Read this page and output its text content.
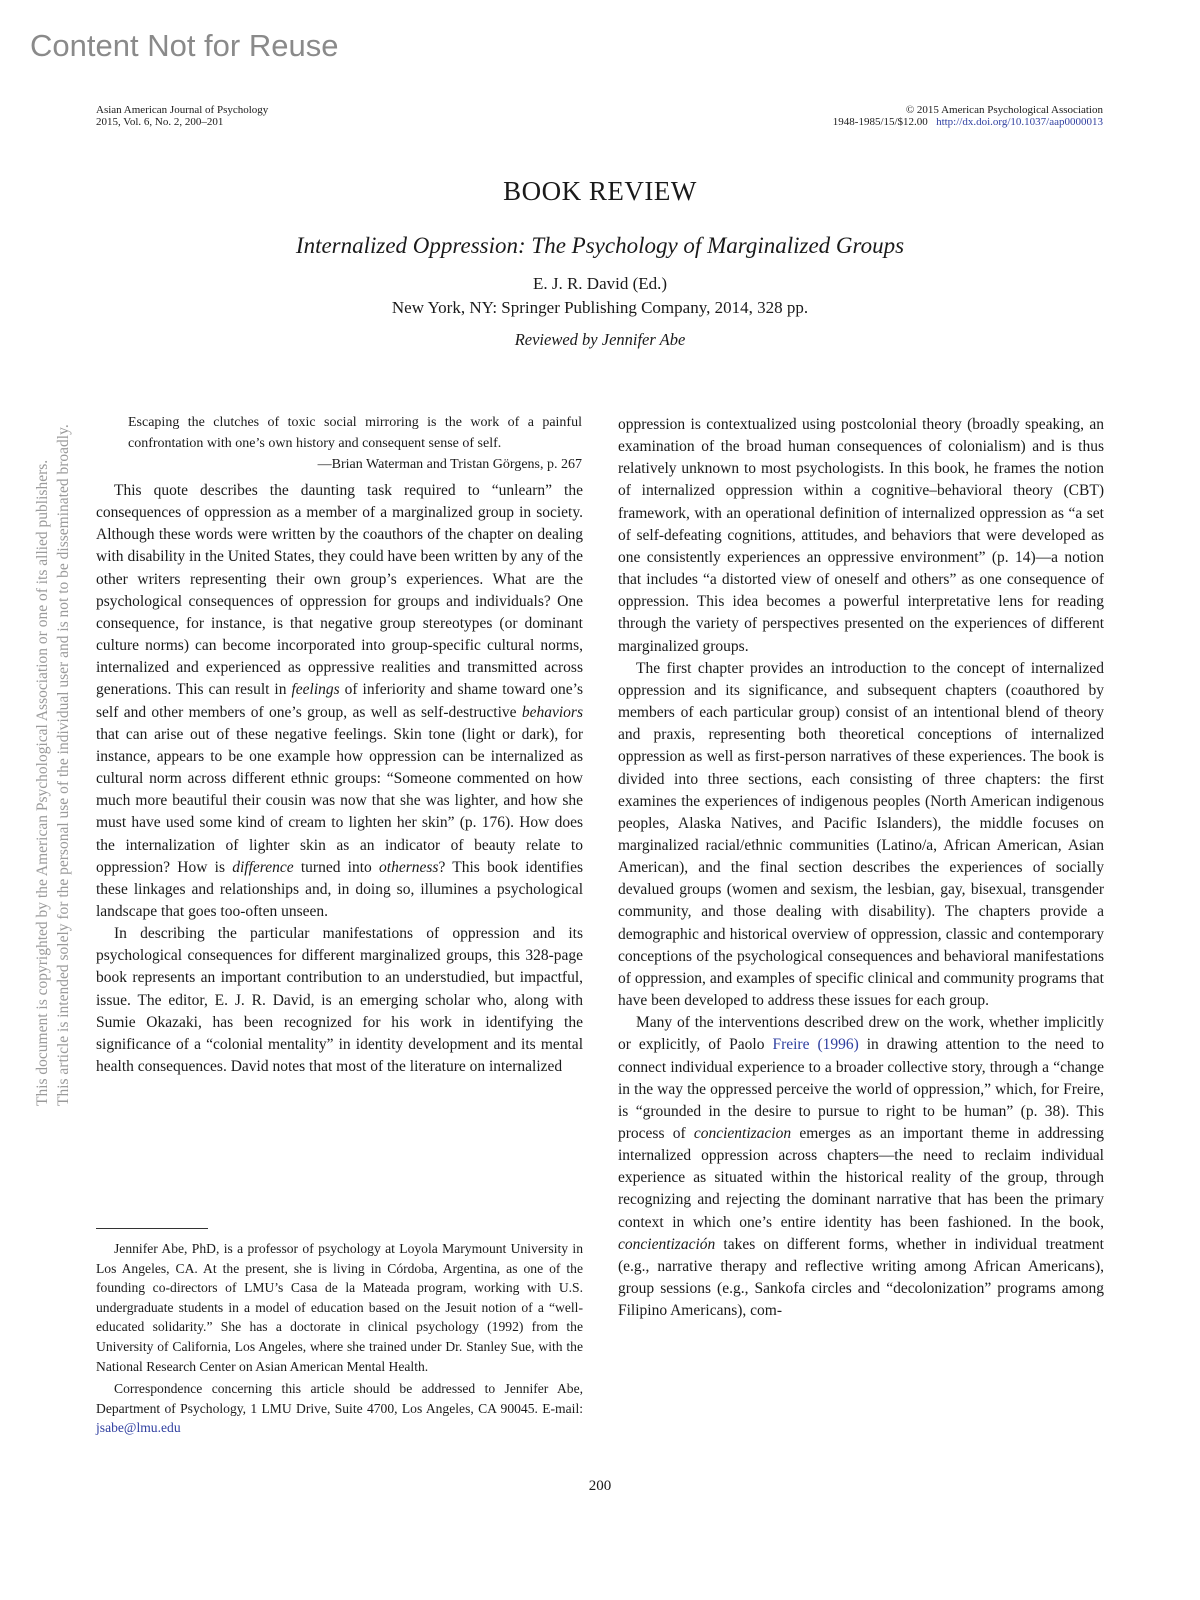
Content Not for Reuse
This document is copyrighted by the American Psychological Association or one of its allied publishers. This article is intended solely for the personal use of the individual user and is not to be disseminated broadly.
Asian American Journal of Psychology
2015, Vol. 6, No. 2, 200–201
© 2015 American Psychological Association
1948-1985/15/$12.00 http://dx.doi.org/10.1037/aap0000013
BOOK REVIEW
Internalized Oppression: The Psychology of Marginalized Groups
E. J. R. David (Ed.)
New York, NY: Springer Publishing Company, 2014, 328 pp.
Reviewed by Jennifer Abe
Escaping the clutches of toxic social mirroring is the work of a painful confrontation with one’s own history and consequent sense of self.
—Brian Waterman and Tristan Görgens, p. 267

This quote describes the daunting task required to “unlearn” the consequences of oppression as a member of a marginalized group in society. Although these words were written by the coauthors of the chapter on dealing with disability in the United States, they could have been written by any of the other writers representing their own group’s experiences. What are the psychological consequences of oppression for groups and individuals? One consequence, for instance, is that negative group stereotypes (or dominant culture norms) can become incorporated into group-specific cultural norms, internalized and experienced as oppressive realities and transmitted across generations. This can result in feelings of inferiority and shame toward one’s self and other members of one’s group, as well as self-destructive behaviors that can arise out of these negative feelings. Skin tone (light or dark), for instance, appears to be one example how oppression can be internalized as cultural norm across different ethnic groups: “Someone commented on how much more beautiful their cousin was now that she was lighter, and how she must have used some kind of cream to lighten her skin” (p. 176). How does the internalization of lighter skin as an indicator of beauty relate to oppression? How is difference turned into otherness? This book identifies these linkages and relationships and, in doing so, illumines a psychological landscape that goes too-often unseen.

In describing the particular manifestations of oppression and its psychological consequences for different marginalized groups, this 328-page book represents an important contribution to an understudied, but impactful, issue. The editor, E. J. R. David, is an emerging scholar who, along with Sumie Okazaki, has been recognized for his work in identifying the significance of a “colonial mentality” in identity development and its mental health consequences. David notes that most of the literature on internalized

oppression is contextualized using postcolonial theory (broadly speaking, an examination of the broad human consequences of colonialism) and is thus relatively unknown to most psychologists. In this book, he frames the notion of internalized oppression within a cognitive–behavioral theory (CBT) framework, with an operational definition of internalized oppression as “a set of self-defeating cognitions, attitudes, and behaviors that were developed as one consistently experiences an oppressive environment” (p. 14)—a notion that includes “a distorted view of oneself and others” as one consequence of oppression. This idea becomes a powerful interpretative lens for reading through the variety of perspectives presented on the experiences of different marginalized groups.

The first chapter provides an introduction to the concept of internalized oppression and its significance, and subsequent chapters (coauthored by members of each particular group) consist of an intentional blend of theory and praxis, representing both theoretical conceptions of internalized oppression as well as first-person narratives of these experiences. The book is divided into three sections, each consisting of three chapters: the first examines the experiences of indigenous peoples (North American indigenous peoples, Alaska Natives, and Pacific Islanders), the middle focuses on marginalized racial/ethnic communities (Latino/a, African American, Asian American), and the final section describes the experiences of socially devalued groups (women and sexism, the lesbian, gay, bisexual, transgender community, and those dealing with disability). The chapters provide a demographic and historical overview of oppression, classic and contemporary conceptions of the psychological consequences and behavioral manifestations of oppression, and examples of specific clinical and community programs that have been developed to address these issues for each group.

Many of the interventions described drew on the work, whether implicitly or explicitly, of Paolo Freire (1996) in drawing attention to the need to connect individual experience to a broader collective story, through a “change in the way the oppressed perceive the world of oppression,” which, for Freire, is “grounded in the desire to pursue to right to be human” (p. 38). This process of concientizacion emerges as an important theme in addressing internalized oppression across chapters—the need to reclaim individual experience as situated within the historical reality of the group, through recognizing and rejecting the dominant narrative that has been the primary context in which one’s entire identity has been fashioned. In the book, concientización takes on different forms, whether in individual treatment (e.g., narrative therapy and reflective writing among African Americans), group sessions (e.g., Sankofa circles and “decolonization” programs among Filipino Americans), com-

Jennifer Abe, PhD, is a professor of psychology at Loyola Marymount University in Los Angeles, CA. At the present, she is living in Córdoba, Argentina, as one of the founding co-directors of LMU’s Casa de la Mateada program, working with U.S. undergraduate students in a model of education based on the Jesuit notion of a “well-educated solidarity.” She has a doctorate in clinical psychology (1992) from the University of California, Los Angeles, where she trained under Dr. Stanley Sue, with the National Research Center on Asian American Mental Health.

Correspondence concerning this article should be addressed to Jennifer Abe, Department of Psychology, 1 LMU Drive, Suite 4700, Los Angeles, CA 90045. E-mail: jsabe@lmu.edu

200
